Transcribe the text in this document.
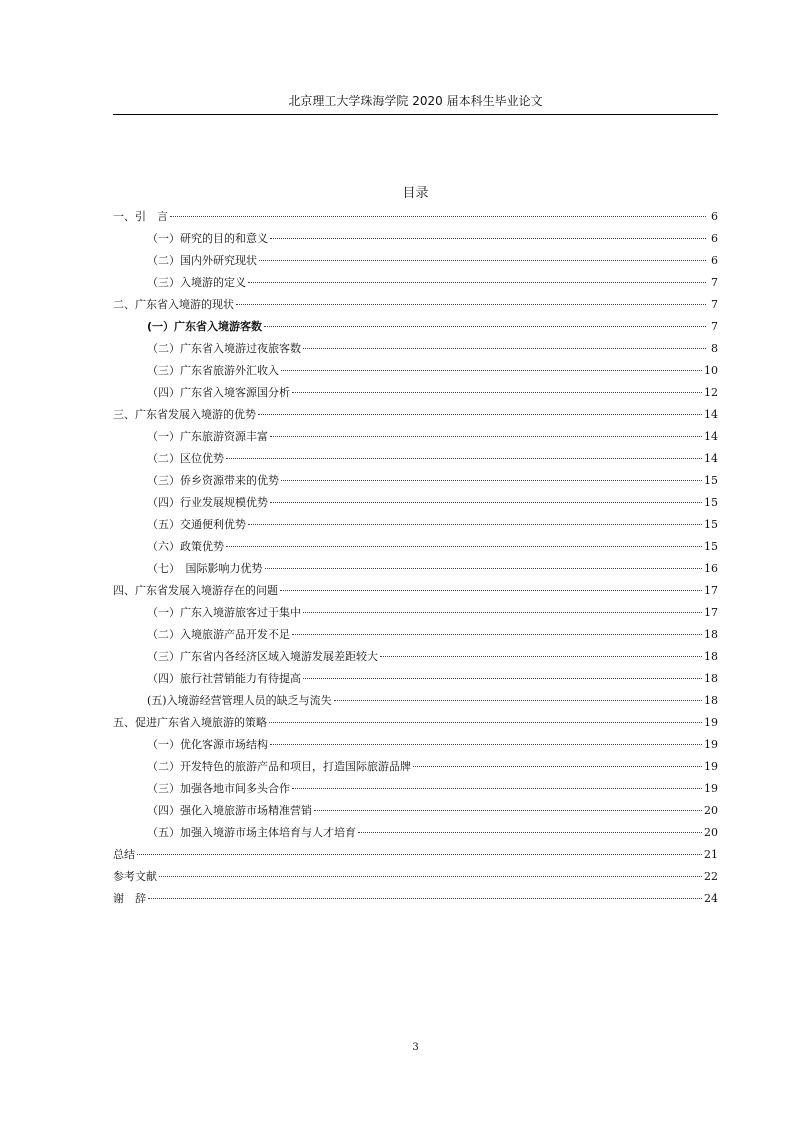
北京理工大学珠海学院 2020 届本科生毕业论文
目录
一、引　言	6
（一）研究的目的和意义	6
（二）国内外研究现状	6
（三）入境游的定义	7
二、广东省入境游的现状	7
(一）广东省入境游客数	7
（二）广东省入境游过夜旅客数	8
（三）广东省旅游外汇收入	10
（四）广东省入境客源国分析	12
三、广东省发展入境游的优势	14
（一）广东旅游资源丰富	14
（二）区位优势	14
（三）侨乡资源带来的优势	15
（四）行业发展规模优势	15
（五）交通便利优势	15
（六）政策优势	15
（七）　国际影响力优势	16
四、广东省发展入境游存在的问题	17
（一）广东入境游旅客过于集中	17
（二）入境旅游产品开发不足	18
（三）广东省内各经济区域入境游发展差距较大	18
（四）旅行社营销能力有待提高	18
(五)入境游经营管理人员的缺乏与流失	18
五、促进广东省入境旅游的策略	19
（一）优化客源市场结构	19
（二）开发特色的旅游产品和项目，打造国际旅游品牌	19
（三）加强各地市间多头合作	19
（四）强化入境旅游市场精准营销	20
（五）加强入境游市场主体培育与人才培育	20
总结	21
参考文献	22
谢　辞	24
3
